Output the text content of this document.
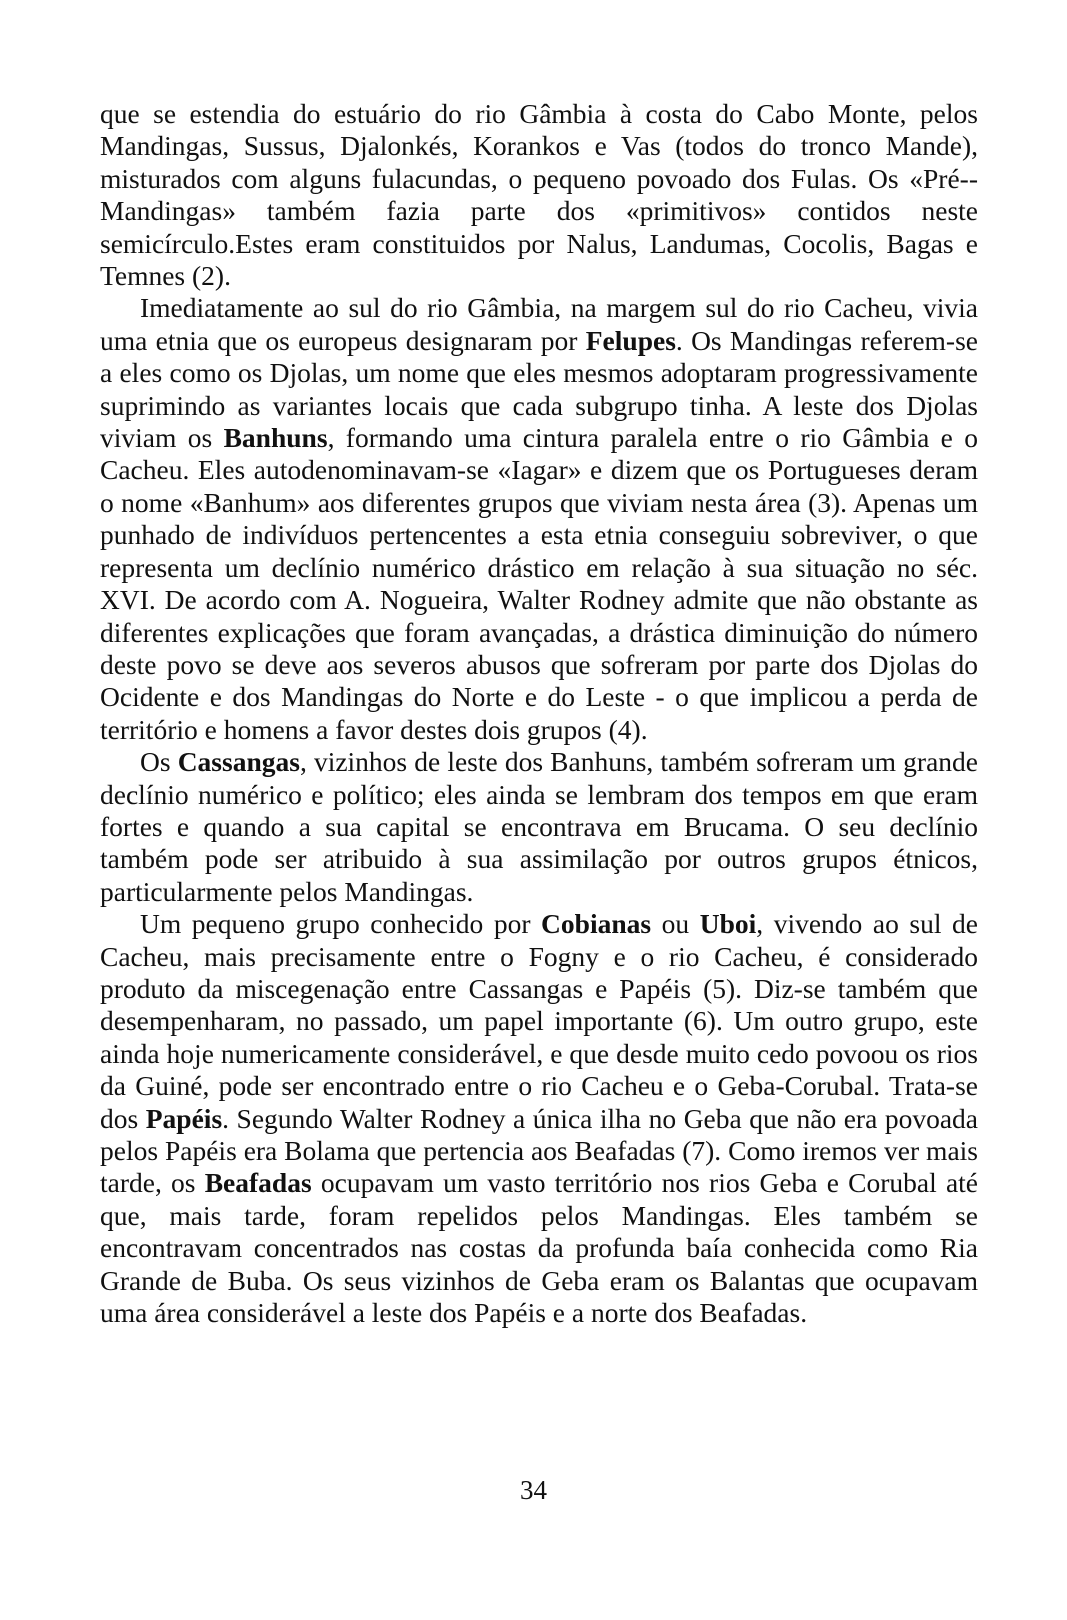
que se estendia do estuário do rio Gâmbia à costa do Cabo Monte, pelos Mandingas, Sussus, Djalonkés, Korankos e Vas (todos do tronco Mande), misturados com alguns fulacundas, o pequeno povoado dos Fulas. Os «Pré--Mandingas» também fazia parte dos «primitivos» contidos neste semicírculo.Estes eram constituidos por Nalus, Landumas, Cocolis, Bagas e Temnes (2).

Imediatamente ao sul do rio Gâmbia, na margem sul do rio Cacheu, vivia uma etnia que os europeus designaram por Felupes. Os Mandingas referem-se a eles como os Djolas, um nome que eles mesmos adoptaram progressivamente suprimindo as variantes locais que cada subgrupo tinha. A leste dos Djolas viviam os Banhuns, formando uma cintura paralela entre o rio Gâmbia e o Cacheu. Eles autodenominavam-se «Iagar» e dizem que os Portugueses deram o nome «Banhum» aos diferentes grupos que viviam nesta área (3). Apenas um punhado de indivíduos pertencentes a esta etnia conseguiu sobreviver, o que representa um declínio numérico drástico em relação à sua situação no séc. XVI. De acordo com A. Nogueira, Walter Rodney admite que não obstante as diferentes explicações que foram avançadas, a drástica diminuição do número deste povo se deve aos severos abusos que sofreram por parte dos Djolas do Ocidente e dos Mandingas do Norte e do Leste - o que implicou a perda de território e homens a favor destes dois grupos (4).

Os Cassangas, vizinhos de leste dos Banhuns, também sofreram um grande declínio numérico e político; eles ainda se lembram dos tempos em que eram fortes e quando a sua capital se encontrava em Brucama. O seu declínio também pode ser atribuido à sua assimilação por outros grupos étnicos, particularmente pelos Mandingas.

Um pequeno grupo conhecido por Cobianas ou Uboi, vivendo ao sul de Cacheu, mais precisamente entre o Fogny e o rio Cacheu, é considerado produto da miscegenação entre Cassangas e Papéis (5). Diz-se também que desempenharam, no passado, um papel importante (6). Um outro grupo, este ainda hoje numericamente considerável, e que desde muito cedo povoou os rios da Guiné, pode ser encontrado entre o rio Cacheu e o Geba-Corubal. Trata-se dos Papéis. Segundo Walter Rodney a única ilha no Geba que não era povoada pelos Papéis era Bolama que pertencia aos Beafadas (7). Como iremos ver mais tarde, os Beafadas ocupavam um vasto território nos rios Geba e Corubal até que, mais tarde, foram repelidos pelos Mandingas. Eles também se encontravam concentrados nas costas da profunda baía conhecida como Ria Grande de Buba. Os seus vizinhos de Geba eram os Balantas que ocupavam uma área considerável a leste dos Papéis e a norte dos Beafadas.

34
